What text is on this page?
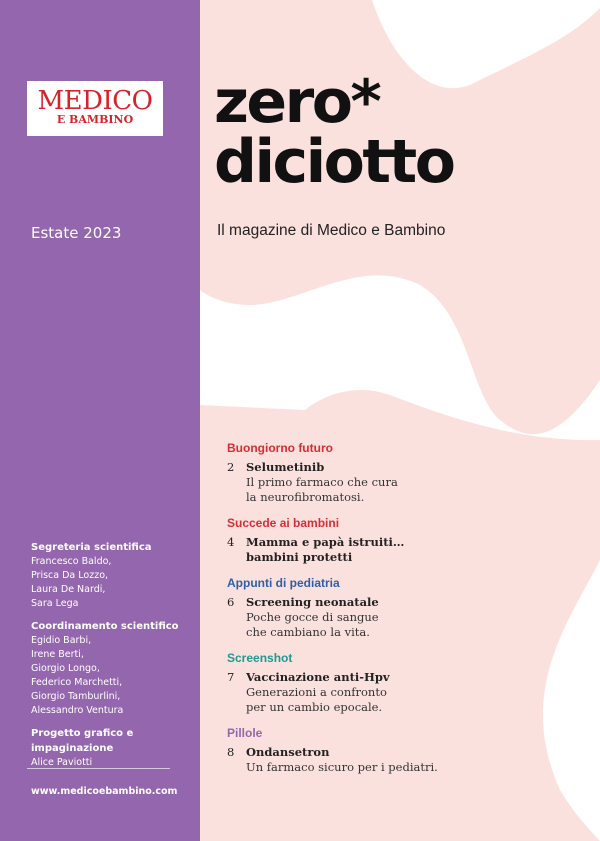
MEDICO
E BAMBINO
Estate 2023
Segreteria scientifica
Francesco Baldo,
Prisca Da Lozzo,
Laura De Nardi,
Sara Lega
Coordinamento scientifico
Egidio Barbi,
Irene Berti,
Giorgio Longo,
Federico Marchetti,
Giorgio Tamburlini,
Alessandro Ventura
Progetto grafico e impaginazione
Alice Paviotti
www.medicoebambino.com
zero*
diciotto
Il magazine di Medico e Bambino
Buongiorno futuro
2 Selumetinib
Il primo farmaco che cura
la neurofibromatosi.
Succede ai bambini
4 Mamma e papà istruiti…
bambini protetti
Appunti di pediatria
6 Screening neonatale
Poche gocce di sangue
che cambiano la vita.
Screenshot
7 Vaccinazione anti-Hpv
Generazioni a confronto
per un cambio epocale.
Pillole
8 Ondansetron
Un farmaco sicuro per i pediatri.
